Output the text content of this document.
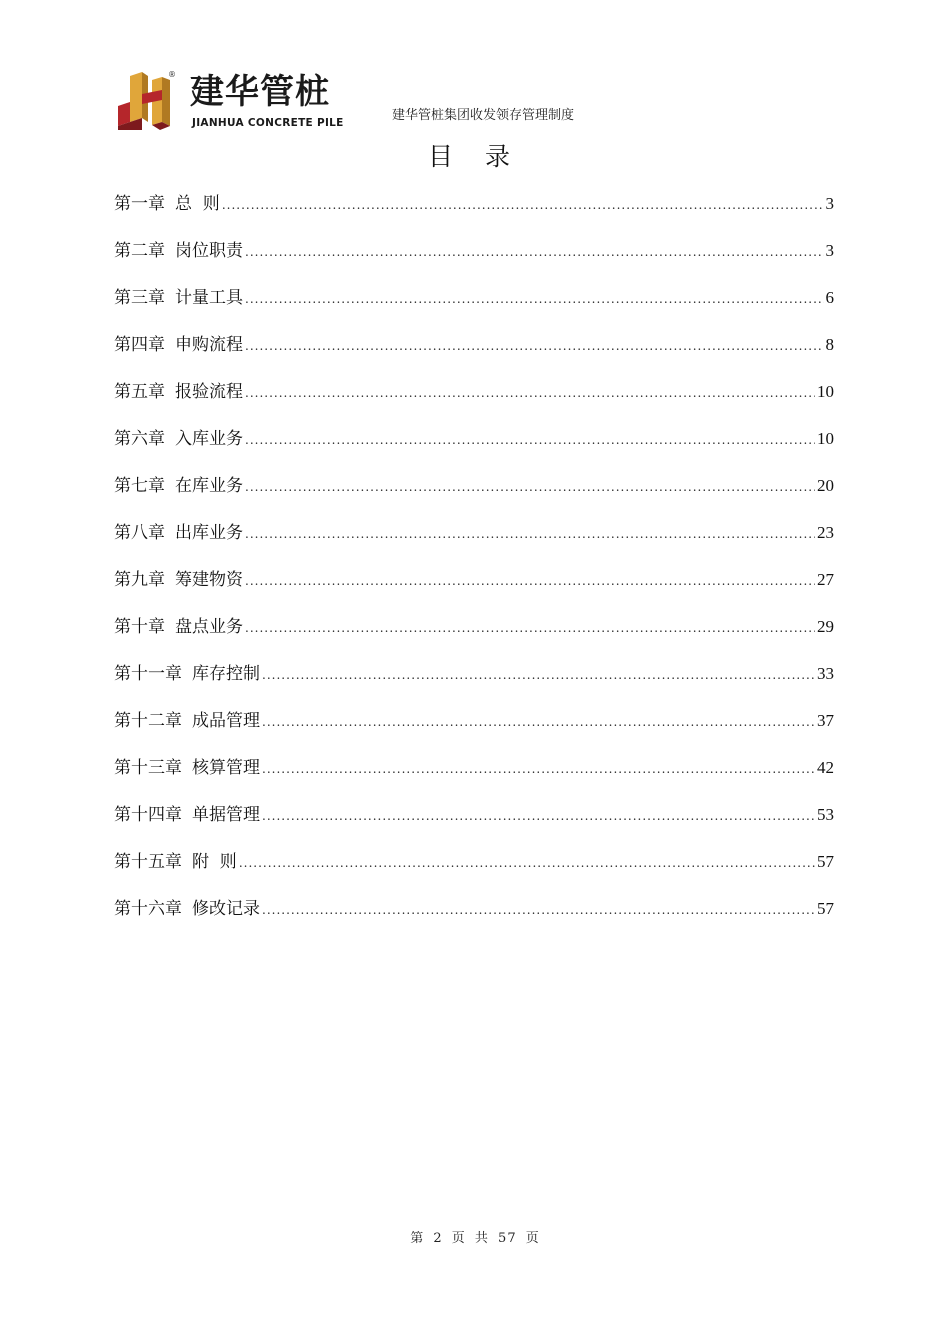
® 建华管桩
JIANHUA CONCRETE PILE	建华管桩集团收发领存管理制度
目 录
第一章 总  则 .....	3
第二章 岗位职责 .....	3
第三章 计量工具 .....	6
第四章 申购流程 .....	8
第五章 报验流程 .....	10
第六章 入库业务 .....	10
第七章 在库业务 .....	20
第八章 出库业务 .....	23
第九章 筹建物资 .....	27
第十章 盘点业务 .....	29
第十一章 库存控制 .....	33
第十二章 成品管理 .....	37
第十三章 核算管理 .....	42
第十四章 单据管理 .....	53
第十五章 附  则 .....	57
第十六章 修改记录 .....	57
第 2 页 共 57 页
